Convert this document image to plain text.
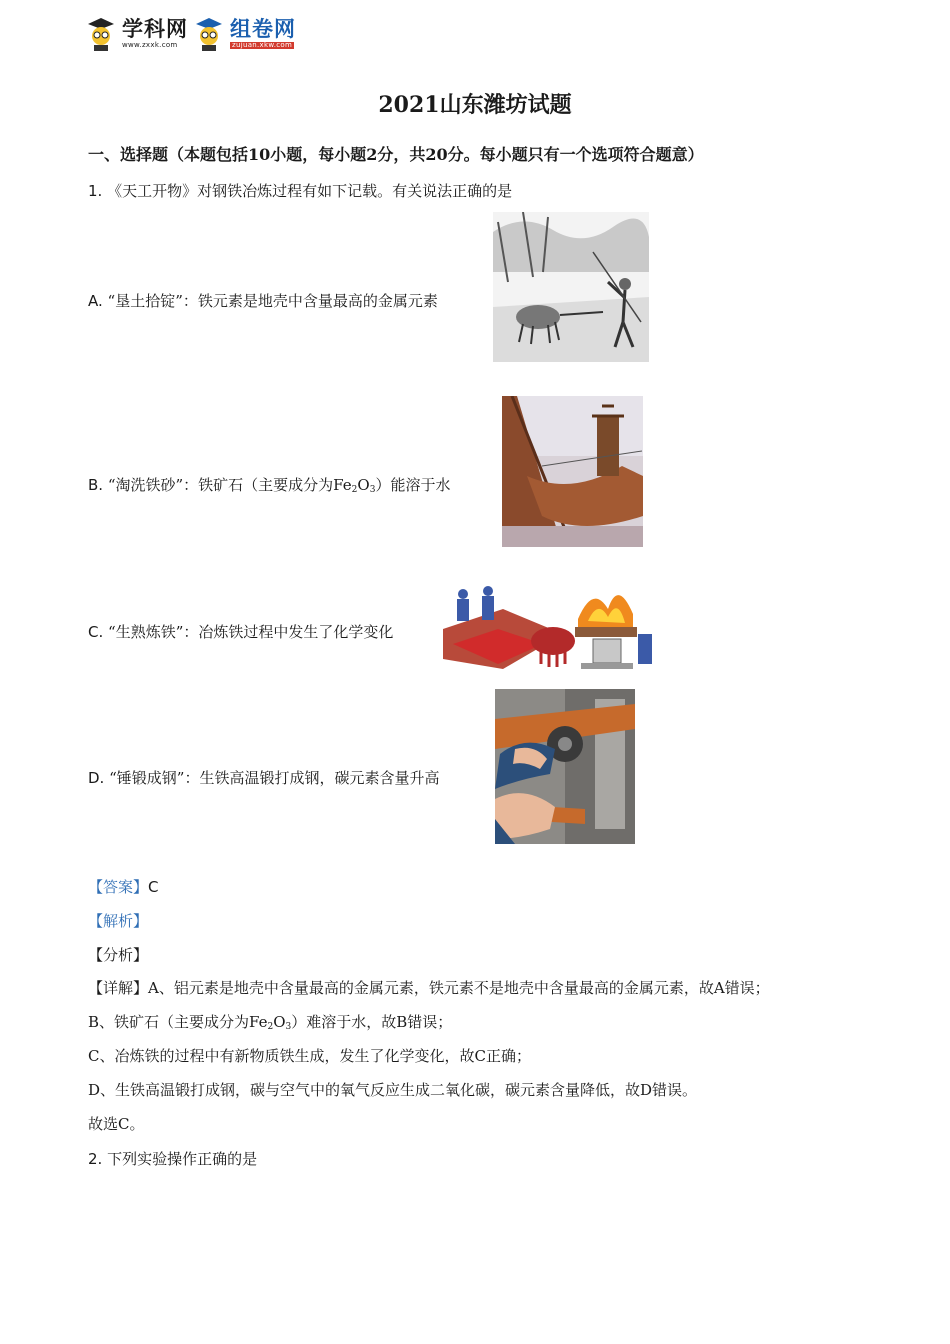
学科网
www.zxxk.com
组卷网
zujuan.xkw.com
2021山东潍坊试题
一、选择题（本题包括10小题，每小题2分，共20分。每小题只有一个选项符合题意）
1. 《天工开物》对钢铁冶炼过程有如下记载。有关说法正确的是
A. “垦土拾锭”：铁元素是地壳中含量最高的金属元素
B. “淘洗铁砂”：铁矿石（主要成分为$Fe_2O_3$）能溶于水
C. “生熟炼铁”：冶炼铁过程中发生了化学变化
D. “锤锻成钢”：生铁高温锻打成钢，碳元素含量升高
【答案】C
【解析】
【分析】
【详解】A、铝元素是地壳中含量最高的金属元素，铁元素不是地壳中含量最高的金属元素，故A错误；
B、铁矿石（主要成分为$Fe_2O_3$）难溶于水，故B错误；
C、冶炼铁的过程中有新物质铁生成，发生了化学变化，故C正确；
D、生铁高温锻打成钢，碳与空气中的氧气反应生成二氧化碳，碳元素含量降低，故D错误。
故选C。
2. 下列实验操作正确的是
